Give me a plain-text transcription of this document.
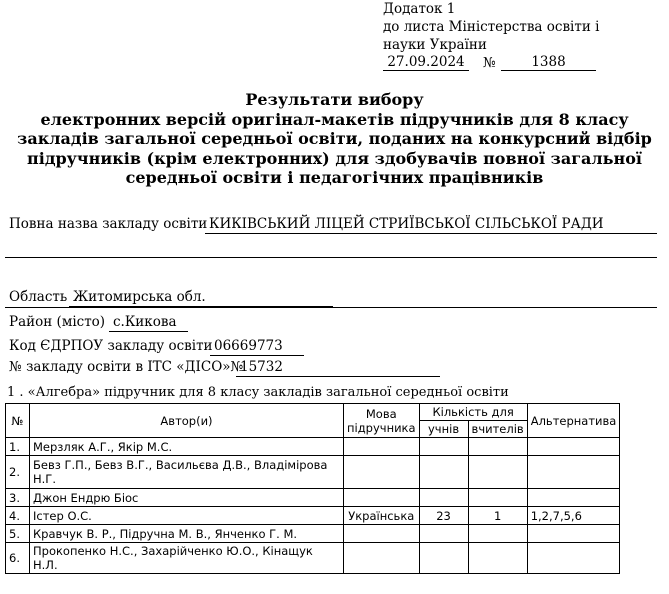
Додаток 1
до листа Міністерства освіти і
науки України
27.09.2024	№	1388
Результати вибору
електронних версій оригінал-макетів підручників для 8 класу
закладів загальної середньої освіти, поданих на конкурсний відбір
підручників (крім електронних) для здобувачів повної загальної
середньої освіти і педагогічних працівників
Повна назва закладу освіти КИКІВСЬКИЙ ЛІЦЕЙ СТРИЇВСЬКОЇ СІЛЬСЬКОЇ РАДИ
Область Житомирська обл.
Район (місто) с.Кикова
Код ЄДРПОУ закладу освіти 06669773
№ закладу освіти в ІТС «ДІСО»№
15732
1 . «Алгебра» підручник для 8 класу закладів загальної середньої освіти
№	Автор(и)	Мова підручника	Кількість для		Альтернатива
			учнів	вчителів	
1.	Мерзляк А.Г., Якір М.С.				
2.	Бевз Г.П., Бевз В.Г., Васильєва Д.В., Владімірова Н.Г.				
3.	Джон Ендрю Біос				
4.	Істер О.С.	Українська	23	1	1,2,7,5,6
5.	Кравчук В. Р., Підручна М. В., Янченко Г. М.				
6.	Прокопенко Н.С., Захарійченко Ю.О., Кінащук Н.Л.				
